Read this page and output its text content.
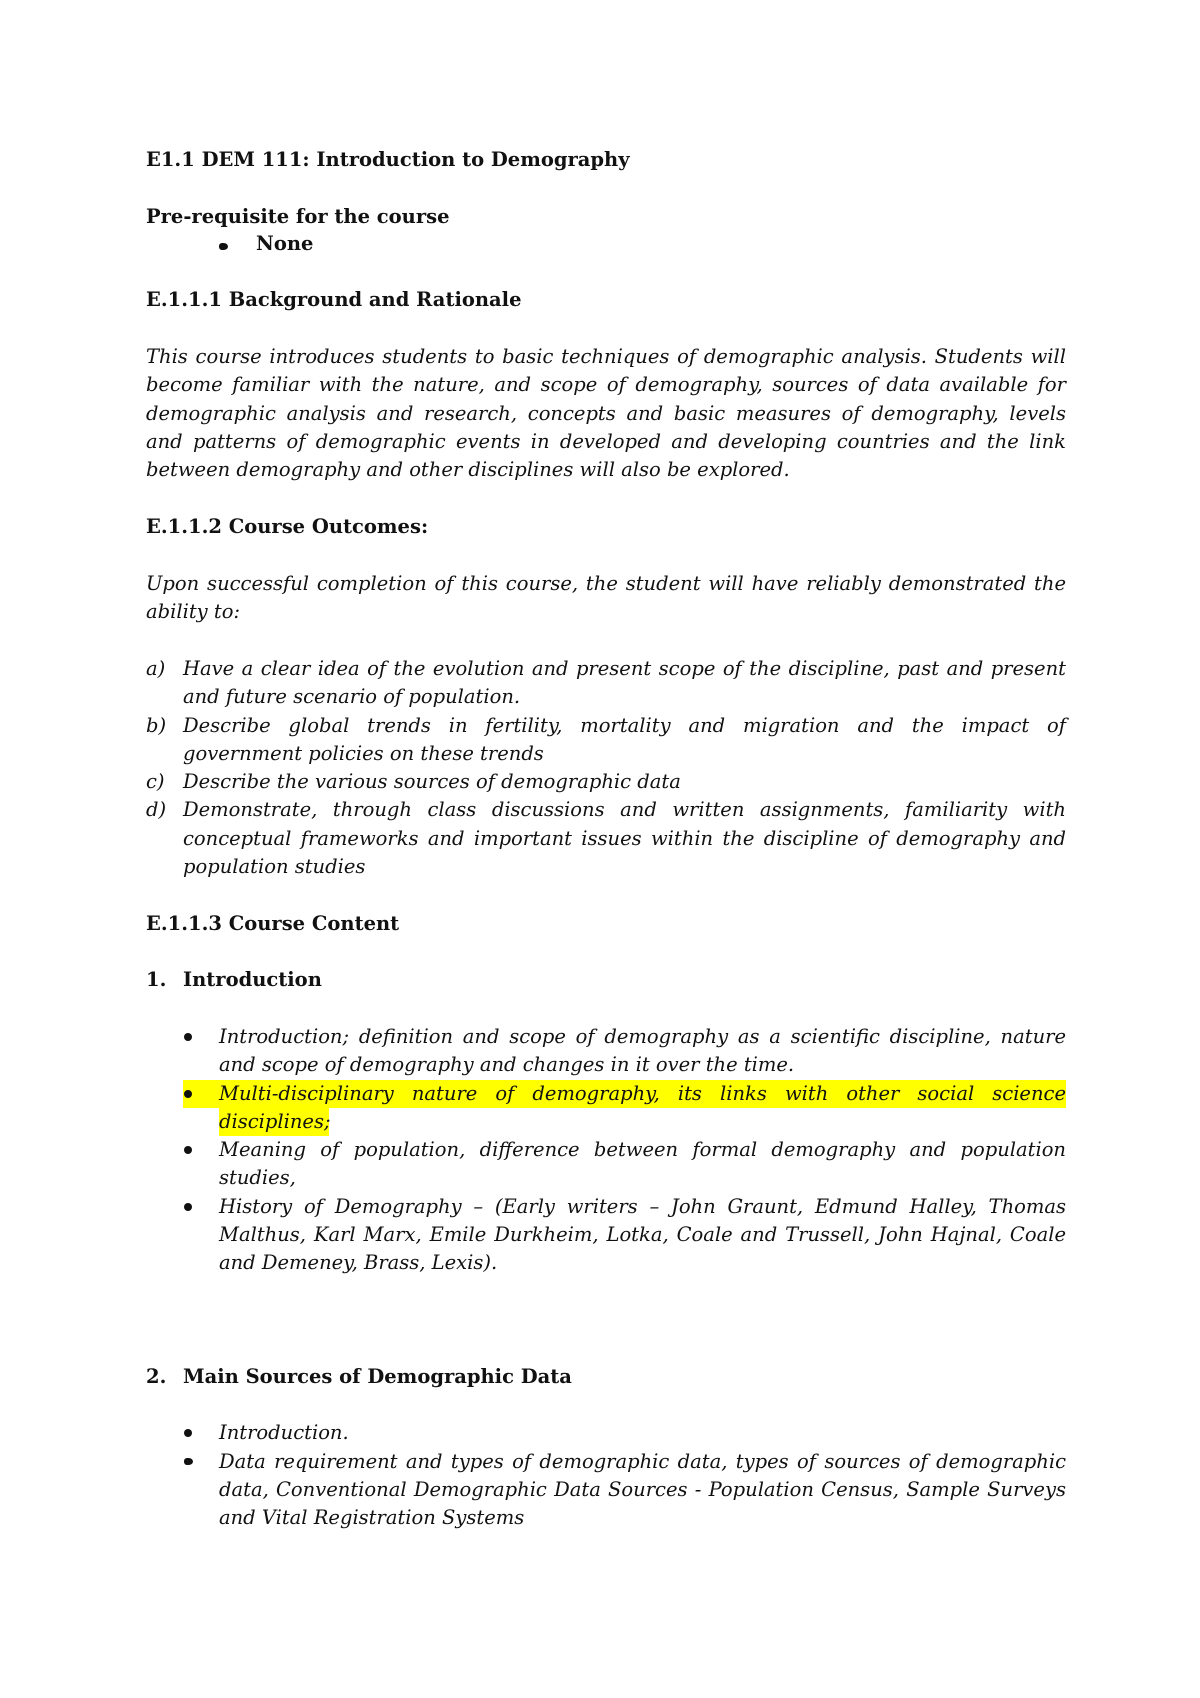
E1.1 DEM 111: Introduction to Demography
Pre-requisite for the course
None
E.1.1.1 Background and Rationale
This course introduces students to basic techniques of demographic analysis. Students will
become familiar with the nature, and scope of demography, sources of data available for
demographic analysis and research, concepts and basic measures of demography, levels
and patterns of demographic events in developed and developing countries and the link
between demography and other disciplines will also be explored.
E.1.1.2 Course Outcomes:
Upon successful completion of this course, the student will have reliably demonstrated the
ability to:
a) Have a clear idea of the evolution and present scope of the discipline, past and present
and future scenario of population.
b) Describe global trends in fertility, mortality and migration and the impact of
government policies on these trends
c) Describe the various sources of demographic data
d) Demonstrate, through class discussions and written assignments, familiarity with
conceptual frameworks and important issues within the discipline of demography and
population studies
E.1.1.3 Course Content
1. Introduction
Introduction; definition and scope of demography as a scientific discipline, nature
and scope of demography and changes in it over the time.
Multi-disciplinary nature of demography, its links with other social science
disciplines;
Meaning of population, difference between formal demography and population
studies,
History of Demography – (Early writers – John Graunt, Edmund Halley, Thomas
Malthus, Karl Marx, Emile Durkheim, Lotka, Coale and Trussell, John Hajnal, Coale
and Demeney, Brass, Lexis).
2. Main Sources of Demographic Data
Introduction.
Data requirement and types of demographic data, types of sources of demographic
data, Conventional Demographic Data Sources - Population Census, Sample Surveys
and Vital Registration Systems
